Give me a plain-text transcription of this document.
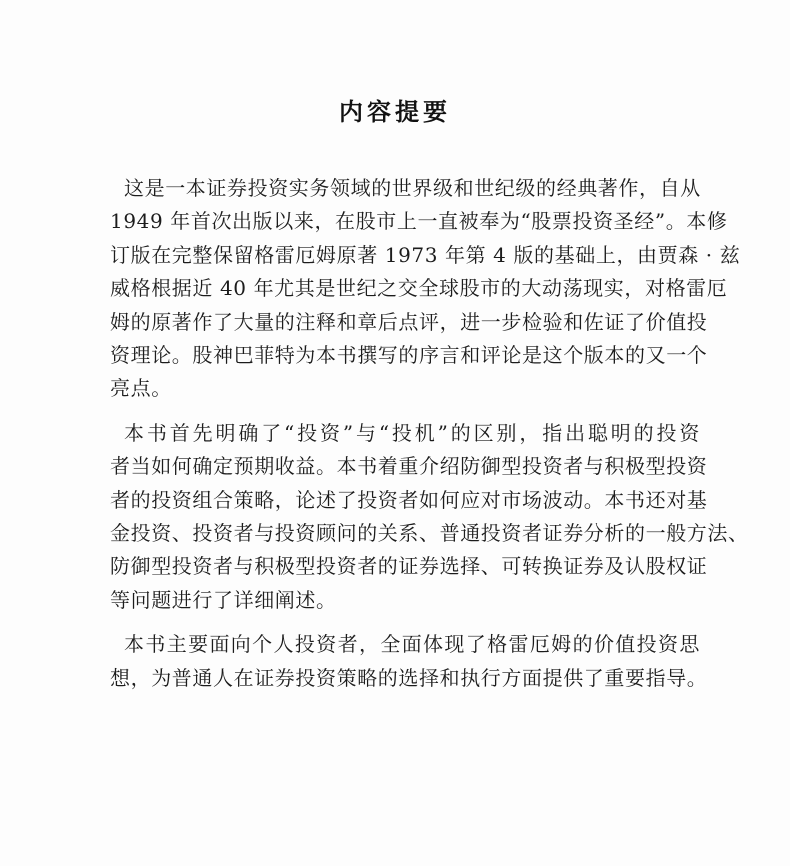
内容提要

这是一本证券投资实务领域的世界级和世纪级的经典著作，自从
1949 年首次出版以来，在股市上一直被奉为“股票投资圣经”。本修
订版在完整保留格雷厄姆原著 1973 年第 4 版的基础上，由贾森 · 兹
威格根据近 40 年尤其是世纪之交全球股市的大动荡现实，对格雷厄
姆的原著作了大量的注释和章后点评，进一步检验和佐证了价值投
资理论。股神巴菲特为本书撰写的序言和评论是这个版本的又一个
亮点。

本书首先明确了“投资”与“投机”的区别，指出聪明的投资
者当如何确定预期收益。本书着重介绍防御型投资者与积极型投资
者的投资组合策略，论述了投资者如何应对市场波动。本书还对基
金投资、投资者与投资顾问的关系、普通投资者证券分析的一般方法、
防御型投资者与积极型投资者的证券选择、可转换证券及认股权证
等问题进行了详细阐述。

本书主要面向个人投资者，全面体现了格雷厄姆的价值投资思
想，为普通人在证券投资策略的选择和执行方面提供了重要指导。
